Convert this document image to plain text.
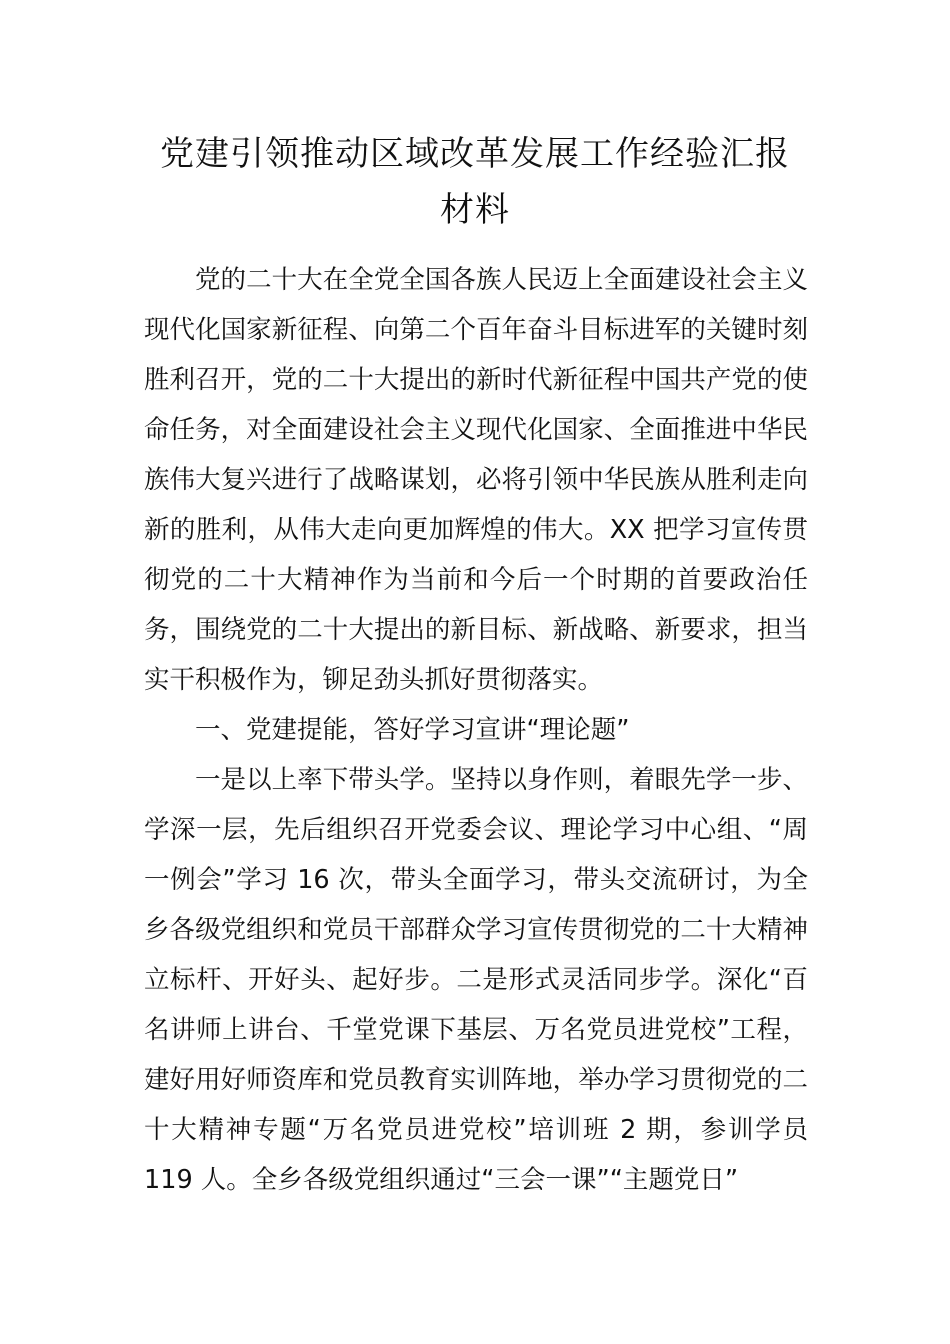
党建引领推动区域改革发展工作经验汇报
材料

党的二十大在全党全国各族人民迈上全面建设社会主义现代化国家新征程、向第二个百年奋斗目标进军的关键时刻胜利召开，党的二十大提出的新时代新征程中国共产党的使命任务，对全面建设社会主义现代化国家、全面推进中华民族伟大复兴进行了战略谋划，必将引领中华民族从胜利走向新的胜利，从伟大走向更加辉煌的伟大。XX 把学习宣传贯彻党的二十大精神作为当前和今后一个时期的首要政治任务，围绕党的二十大提出的新目标、新战略、新要求，担当实干积极作为，铆足劲头抓好贯彻落实。

一、党建提能，答好学习宣讲“理论题”

一是以上率下带头学。坚持以身作则，着眼先学一步、学深一层，先后组织召开党委会议、理论学习中心组、“周一例会”学习 16 次，带头全面学习，带头交流研讨，为全乡各级党组织和党员干部群众学习宣传贯彻党的二十大精神立标杆、开好头、起好步。二是形式灵活同步学。深化“百名讲师上讲台、千堂党课下基层、万名党员进党校”工程，建好用好师资库和党员教育实训阵地，举办学习贯彻党的二十大精神专题“万名党员进党校”培训班 2 期，参训学员 119 人。全乡各级党组织通过“三会一课”“主题党日”
